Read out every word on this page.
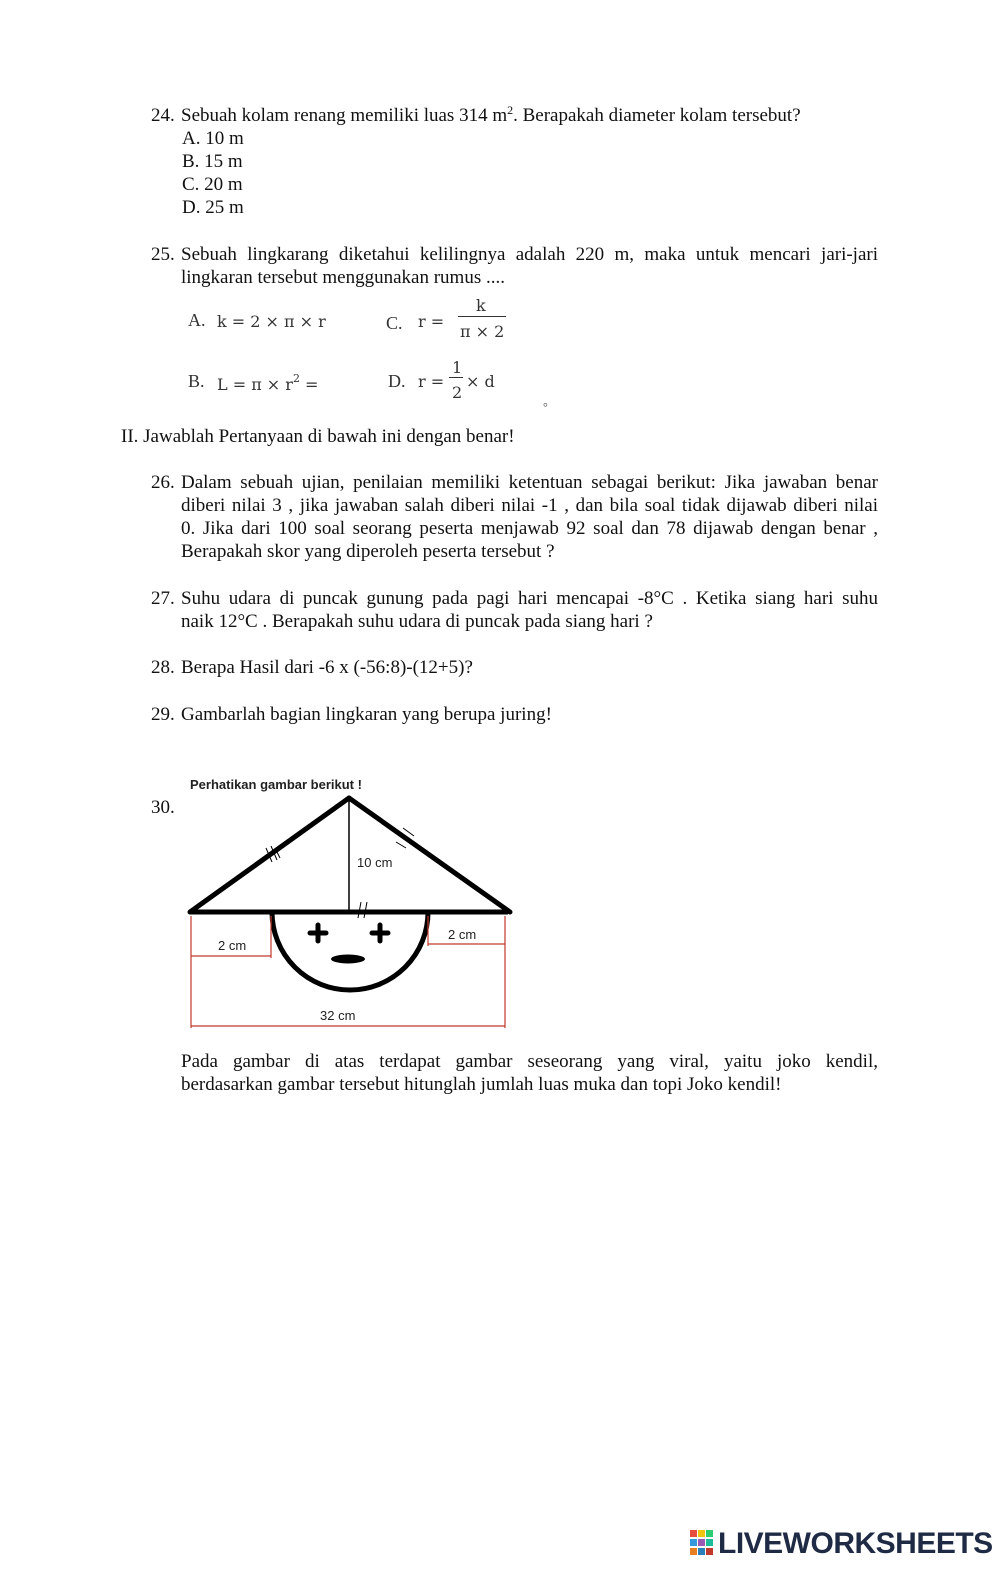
24. Sebuah kolam renang memiliki luas 314 $m^2$. Berapakah diameter kolam tersebut?
A. 10 m
B. 15 m
C. 20 m
D. 25 m
25. Sebuah lingkarang diketahui kelilingnya adalah 220 m, maka untuk mencari jari-jari
lingkaran tersebut menggunakan rumus ....
A. k = 2 × π × r	C. r =
k
π × 2
B. $L = \pi \times r^2$ =	D. r =
1
2
× d
°
II. Jawablah Pertanyaan di bawah ini dengan benar!
26. Dalam sebuah ujian, penilaian memiliki ketentuan sebagai berikut: Jika jawaban benar
diberi nilai 3 , jika jawaban salah diberi nilai -1 , dan bila soal tidak dijawab diberi nilai
0. Jika dari 100 soal seorang peserta menjawab 92 soal dan 78 dijawab dengan benar ,
Berapakah skor yang diperoleh peserta tersebut ?
27. Suhu udara di puncak gunung pada pagi hari mencapai -8°C . Ketika siang hari suhu
naik 12°C . Berapakah suhu udara di puncak pada siang hari ?
28. Berapa Hasil dari -6 x (-56:8)-(12+5)?
29. Gambarlah bagian lingkaran yang berupa juring!
30.
Perhatikan gambar berikut !
10 cm
2 cm
2 cm
32 cm
Pada gambar di atas terdapat gambar seseorang yang viral, yaitu joko kendil,
berdasarkan gambar tersebut hitunglah jumlah luas muka dan topi Joko kendil!
LIVEWORKSHEETS
